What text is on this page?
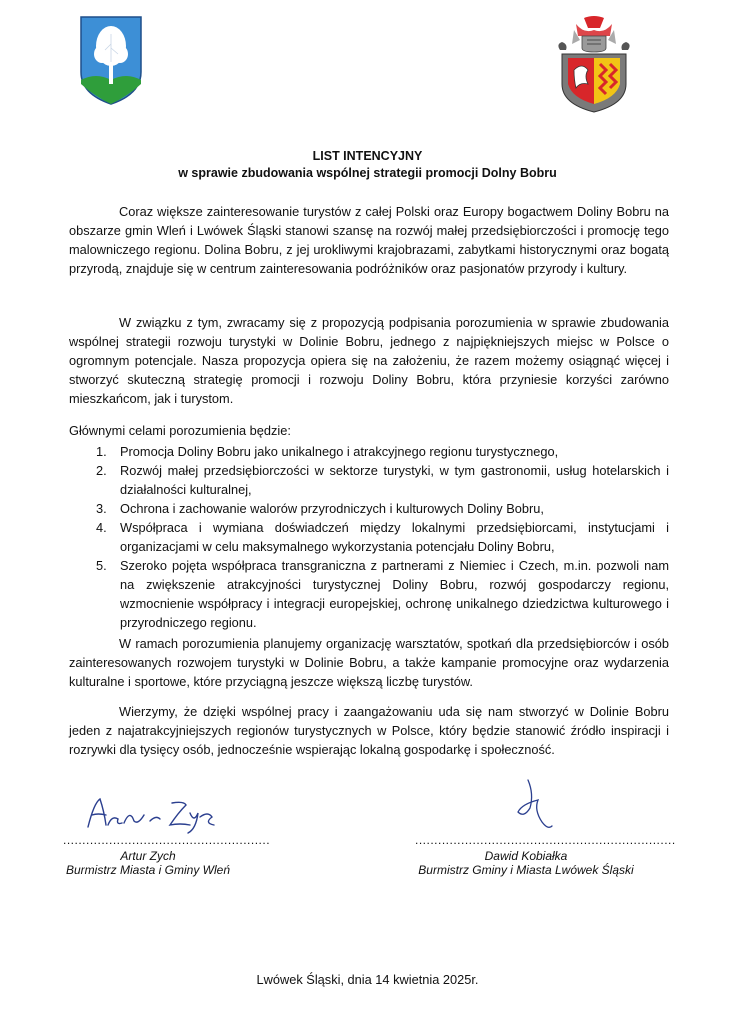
LIST INTENCYJNY
w sprawie zbudowania wspólnej strategii promocji Dolny Bobru

Coraz większe zainteresowanie turystów z całej Polski oraz Europy bogactwem Doliny Bobru na obszarze gmin Wleń i Lwówek Śląski stanowi szansę na rozwój małej przedsiębiorczości i promocję tego malowniczego regionu. Dolina Bobru, z jej urokliwymi krajobrazami, zabytkami historycznymi oraz bogatą przyrodą, znajduje się w centrum zainteresowania podróżników oraz pasjonatów przyrody i kultury.

W związku z tym, zwracamy się z propozycją podpisania porozumienia w sprawie zbudowania wspólnej strategii rozwoju turystyki w Dolinie Bobru, jednego z najpiękniejszych miejsc w Polsce o ogromnym potencjale. Nasza propozycja opiera się na założeniu, że razem możemy osiągnąć więcej i stworzyć skuteczną strategię promocji i rozwoju Doliny Bobru, która przyniesie korzyści zarówno mieszkańcom, jak i turystom.

Głównymi celami porozumienia będzie:
1. Promocja Doliny Bobru jako unikalnego i atrakcyjnego regionu turystycznego,
2. Rozwój małej przedsiębiorczości w sektorze turystyki, w tym gastronomii, usług hotelarskich i działalności kulturalnej,
3. Ochrona i zachowanie walorów przyrodniczych i kulturowych Doliny Bobru,
4. Współpraca i wymiana doświadczeń między lokalnymi przedsiębiorcami, instytucjami i organizacjami w celu maksymalnego wykorzystania potencjału Doliny Bobru,
5. Szeroko pojęta współpraca transgraniczna z partnerami z Niemiec i Czech, m.in. pozwoli nam na zwiększenie atrakcyjności turystycznej Doliny Bobru, rozwój gospodarczy regionu, wzmocnienie współpracy i integracji europejskiej, ochronę unikalnego dziedzictwa kulturowego i przyrodniczego regionu.

W ramach porozumienia planujemy organizację warsztatów, spotkań dla przedsiębiorców i osób zainteresowanych rozwojem turystyki w Dolinie Bobru, a także kampanie promocyjne oraz wydarzenia kulturalne i sportowe, które przyciągną jeszcze większą liczbę turystów.

Wierzymy, że dzięki wspólnej pracy i zaangażowaniu uda się nam stworzyć w Dolinie Bobru jeden z najatrakcyjniejszych regionów turystycznych w Polsce, który będzie stanowić źródło inspiracji i rozrywki dla tysięcy osób, jednocześnie wspierając lokalną gospodarkę i społeczność.

......................................................
Artur Zych
Burmistrz Miasta i Gminy Wleń
....................................................................
Dawid Kobiałka
Burmistrz Gminy i Miasta Lwówek Śląski
Lwówek Śląski, dnia 14 kwietnia 2025r.
